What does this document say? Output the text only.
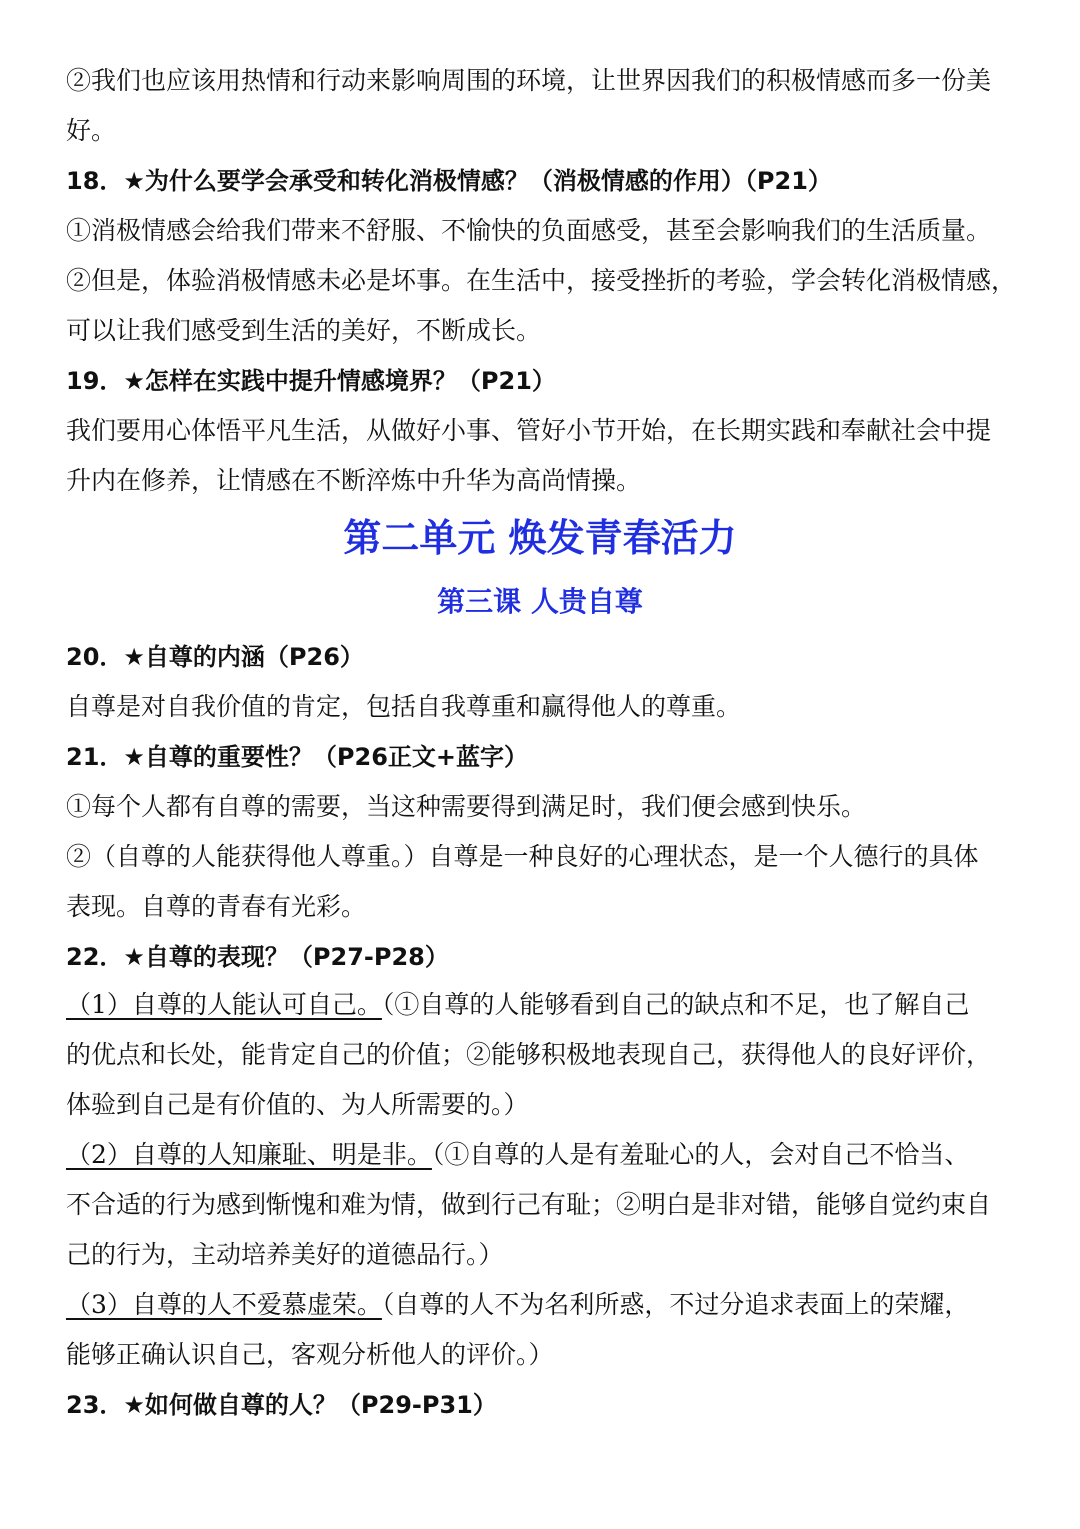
②我们也应该用热情和行动来影响周围的环境，让世界因我们的积极情感而多一份美
好。
18．★为什么要学会承受和转化消极情感？（消极情感的作用）（P21）
①消极情感会给我们带来不舒服、不愉快的负面感受，甚至会影响我们的生活质量。
②但是，体验消极情感未必是坏事。在生活中，接受挫折的考验，学会转化消极情感，
可以让我们感受到生活的美好，不断成长。
19．★怎样在实践中提升情感境界？（P21）
我们要用心体悟平凡生活，从做好小事、管好小节开始，在长期实践和奉献社会中提
升内在修养，让情感在不断淬炼中升华为高尚情操。
第二单元 焕发青春活力
第三课 人贵自尊
20．★自尊的内涵（P26）
自尊是对自我价值的肯定，包括自我尊重和赢得他人的尊重。
21．★自尊的重要性？（P26正文+蓝字）
①每个人都有自尊的需要，当这种需要得到满足时，我们便会感到快乐。
②（自尊的人能获得他人尊重。）自尊是一种良好的心理状态，是一个人德行的具体
表现。自尊的青春有光彩。
22．★自尊的表现？（P27-P28）
（1）自尊的人能认可自己。（①自尊的人能够看到自己的缺点和不足，也了解自己
的优点和长处，能肯定自己的价值；②能够积极地表现自己，获得他人的良好评价，
体验到自己是有价值的、为人所需要的。）
（2）自尊的人知廉耻、明是非。（①自尊的人是有羞耻心的人，会对自己不恰当、
不合适的行为感到惭愧和难为情，做到行己有耻；②明白是非对错，能够自觉约束自
己的行为，主动培养美好的道德品行。）
（3）自尊的人不爱慕虚荣。（自尊的人不为名利所惑，不过分追求表面上的荣耀，
能够正确认识自己，客观分析他人的评价。）
23．★如何做自尊的人？（P29-P31）
